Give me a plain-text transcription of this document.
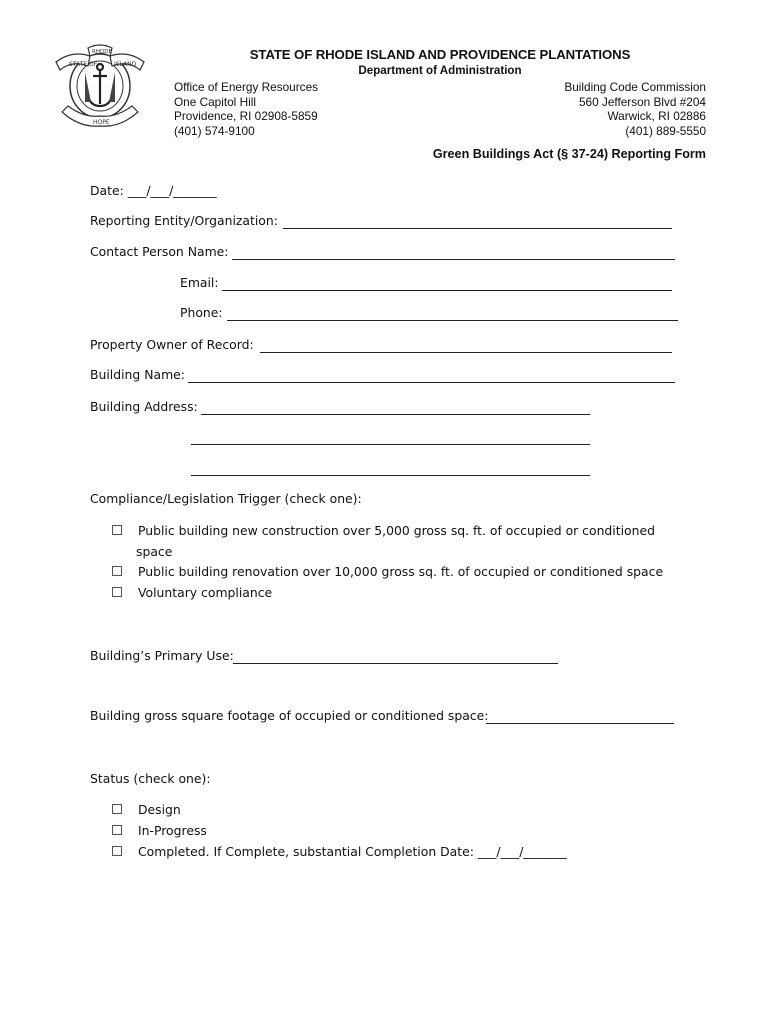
STATE OF	ISLAND
RHODE
HOPE
STATE OF RHODE ISLAND AND PROVIDENCE PLANTATIONS
Department of Administration
Office of Energy Resources
One Capitol Hill
Providence, RI 02908-5859
(401) 574-9100
Building Code Commission
560 Jefferson Blvd #204
Warwick, RI 02886
(401) 889-5550
Green Buildings Act (§ 37-24) Reporting Form
Date: ___/___/_______
Reporting Entity/Organization:
Contact Person Name:
Email:
Phone:
Property Owner of Record:
Building Name:
Building Address:
Compliance/Legislation Trigger (check one):
Public building new construction over 5,000 gross sq. ft. of occupied or conditioned
space
Public building renovation over 10,000 gross sq. ft. of occupied or conditioned space
Voluntary compliance
Building’s Primary Use:
Building gross square footage of occupied or conditioned space:
Status (check one):
Design
In-Progress
Completed. If Complete, substantial Completion Date: ___/___/_______
